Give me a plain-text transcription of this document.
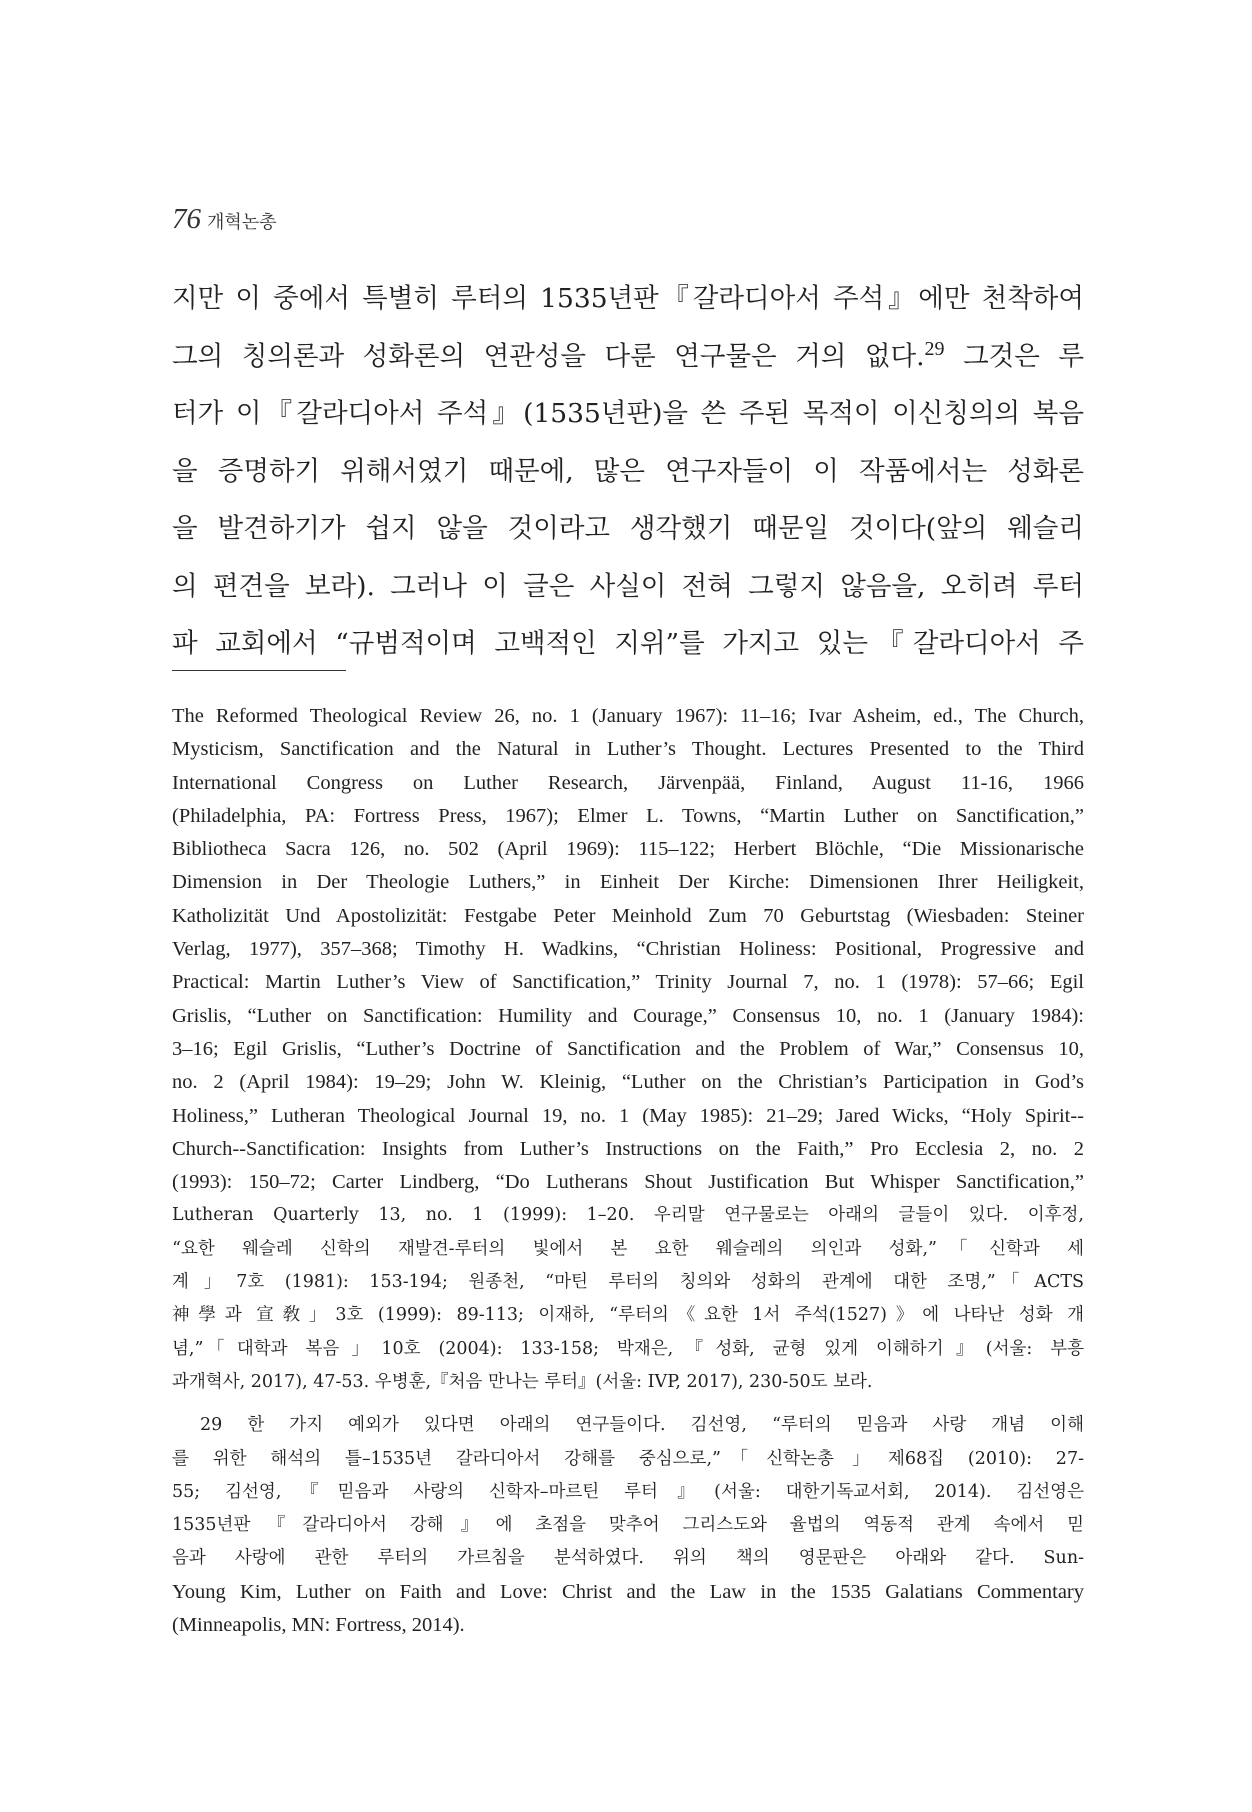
76 개혁논총
지만 이 중에서 특별히 루터의 1535년판『갈라디아서 주석』에만 천착하여
그의 칭의론과 성화론의 연관성을 다룬 연구물은 거의 없다.$^{29}$ 그것은 루
터가 이『갈라디아서 주석』(1535년판)을 쓴 주된 목적이 이신칭의의 복음
을 증명하기 위해서였기 때문에, 많은 연구자들이 이 작품에서는 성화론
을 발견하기가 쉽지 않을 것이라고 생각했기 때문일 것이다(앞의 웨슬리
의 편견을 보라). 그러나 이 글은 사실이 전혀 그렇지 않음을, 오히려 루터
파 교회에서 “규범적이며 고백적인 지위”를 가지고 있는『갈라디아서 주
The Reformed Theological Review 26, no. 1 (January 1967): 11–16; Ivar Asheim, ed., The Church,
Mysticism, Sanctification and the Natural in Luther’s Thought. Lectures Presented to the Third
International Congress on Luther Research, Järvenpää, Finland, August 11-16, 1966
(Philadelphia, PA: Fortress Press, 1967); Elmer L. Towns, “Martin Luther on Sanctification,”
Bibliotheca Sacra 126, no. 502 (April 1969): 115–122; Herbert Blöchle, “Die Missionarische
Dimension in Der Theologie Luthers,” in Einheit Der Kirche: Dimensionen Ihrer Heiligkeit,
Katholizität Und Apostolizität: Festgabe Peter Meinhold Zum 70 Geburtstag (Wiesbaden: Steiner
Verlag, 1977), 357–368; Timothy H. Wadkins, “Christian Holiness: Positional, Progressive and
Practical: Martin Luther’s View of Sanctification,” Trinity Journal 7, no. 1 (1978): 57–66; Egil
Grislis, “Luther on Sanctification: Humility and Courage,” Consensus 10, no. 1 (January 1984):
3–16; Egil Grislis, “Luther’s Doctrine of Sanctification and the Problem of War,” Consensus 10,
no. 2 (April 1984): 19–29; John W. Kleinig, “Luther on the Christian’s Participation in God’s
Holiness,” Lutheran Theological Journal 19, no. 1 (May 1985): 21–29; Jared Wicks, “Holy Spirit--
Church--Sanctification: Insights from Luther’s Instructions on the Faith,” Pro Ecclesia 2, no. 2
(1993): 150–72; Carter Lindberg, “Do Lutherans Shout Justification But Whisper Sanctification,”
Lutheran Quarterly 13, no. 1 (1999): 1–20. 우리말 연구물로는 아래의 글들이 있다. 이후정,
“요한 웨슬레 신학의 재발견-루터의 빛에서 본 요한 웨슬레의 의인과 성화,”「신학과 세
계」7호 (1981): 153-194; 원종천, “마틴 루터의 칭의와 성화의 관계에 대한 조명,”「ACTS
神學과 宣敎」3호 (1999): 89-113; 이재하, “루터의《요한 1서 주석(1527)》에 나타난 성화 개
념,”「대학과 복음」10호 (2004): 133-158; 박재은,『성화, 균형 있게 이해하기』(서울: 부흥
과개혁사, 2017), 47-53. 우병훈,『처음 만나는 루터』(서울: IVP, 2017), 230-50도 보라.
29 한 가지 예외가 있다면 아래의 연구들이다. 김선영, “루터의 믿음과 사랑 개념 이해
를 위한 해석의 틀–1535년 갈라디아서 강해를 중심으로,”「신학논총」제68집 (2010): 27-
55; 김선영,『믿음과 사랑의 신학자–마르틴 루터』(서울: 대한기독교서회, 2014). 김선영은
1535년판『갈라디아서 강해』에 초점을 맞추어 그리스도와 율법의 역동적 관계 속에서 믿
음과 사랑에 관한 루터의 가르침을 분석하였다. 위의 책의 영문판은 아래와 같다. Sun-
Young Kim, Luther on Faith and Love: Christ and the Law in the 1535 Galatians Commentary
(Minneapolis, MN: Fortress, 2014).
